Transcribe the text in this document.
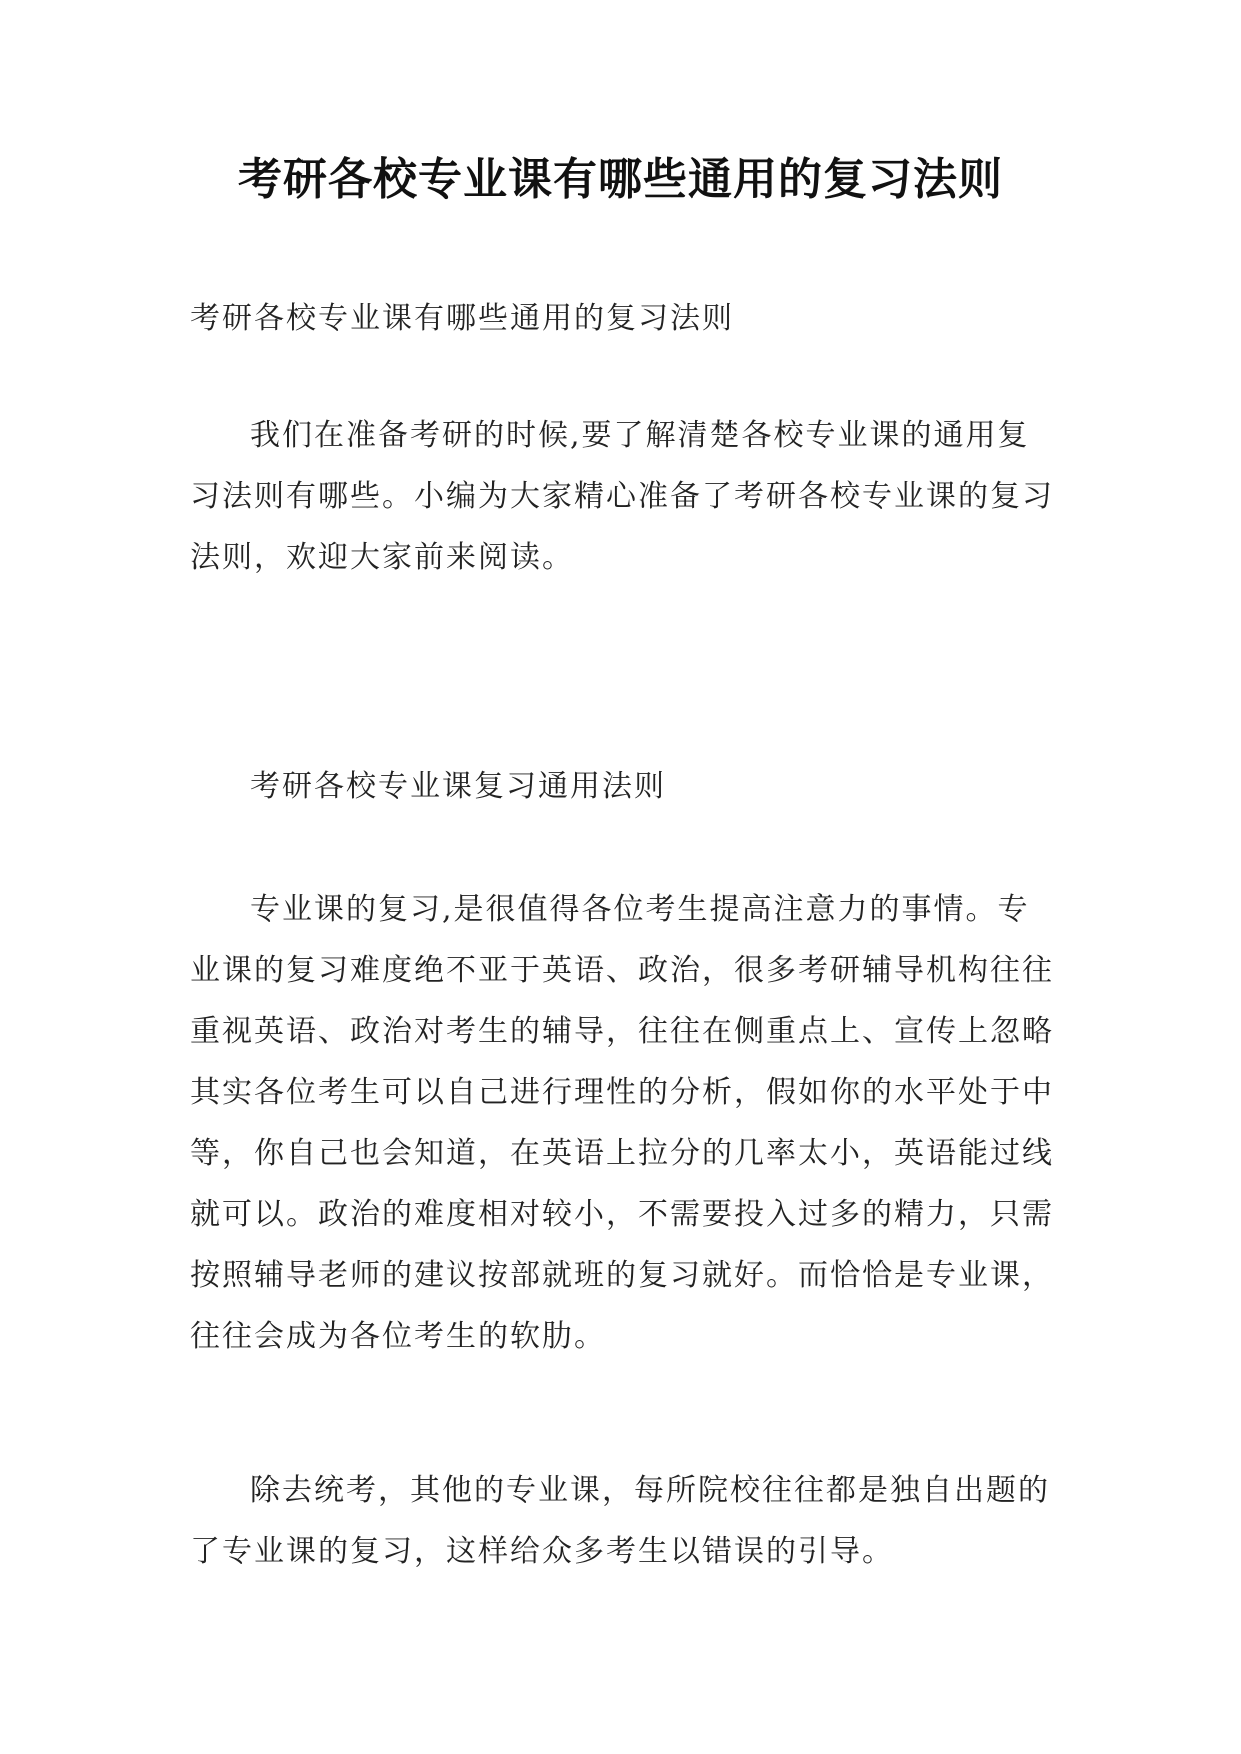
考研各校专业课有哪些通用的复习法则
考研各校专业课有哪些通用的复习法则
我们在准备考研的时候,要了解清楚各校专业课的通用复习法则有哪些。小编为大家精心准备了考研各校专业课的复习法则，欢迎大家前来阅读。
考研各校专业课复习通用法则
专业课的复习,是很值得各位考生提高注意力的事情。专业课的复习难度绝不亚于英语、政治，很多考研辅导机构往往重视英语、政治对考生的辅导，往往在侧重点上、宣传上忽略其实各位考生可以自己进行理性的分析，假如你的水平处于中等，你自己也会知道，在英语上拉分的几率太小，英语能过线就可以。政治的难度相对较小，不需要投入过多的精力，只需按照辅导老师的建议按部就班的复习就好。而恰恰是专业课，往往会成为各位考生的软肋。
除去统考，其他的专业课，每所院校往往都是独自出题的了专业课的复习，这样给众多考生以错误的引导。
